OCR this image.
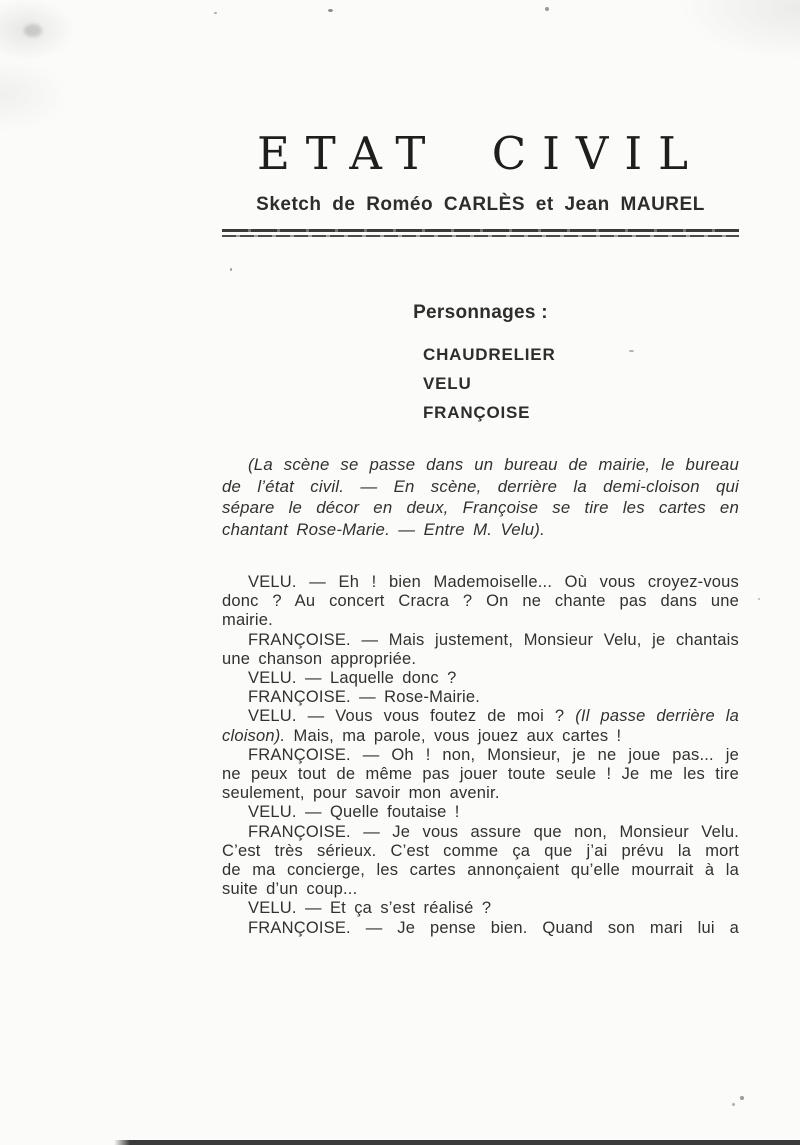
ETAT CIVIL
Sketch de Roméo CARLÈS et Jean MAUREL
Personnages :
CHAUDRELIER
VELU
FRANÇOISE
(La scène se passe dans un bureau de mairie, le bureau
de l’état civil. — En scène, derrière la demi-cloison qui
sépare le décor en deux, Françoise se tire les cartes en
chantant Rose-Marie. — Entre M. Velu).
VELU. — Eh ! bien Mademoiselle... Où vous croyez-vous
donc ? Au concert Cracra ? On ne chante pas dans une
mairie.
FRANÇOISE. — Mais justement, Monsieur Velu, je chantais
une chanson appropriée.
VELU. — Laquelle donc ?
FRANÇOISE. — Rose-Mairie.
VELU. — Vous vous foutez de moi ? (Il passe derrière la
cloison). Mais, ma parole, vous jouez aux cartes !
FRANÇOISE. — Oh ! non, Monsieur, je ne joue pas... je
ne peux tout de même pas jouer toute seule ! Je me les tire
seulement, pour savoir mon avenir.
VELU. — Quelle foutaise !
FRANÇOISE. — Je vous assure que non, Monsieur Velu.
C’est très sérieux. C’est comme ça que j’ai prévu la mort
de ma concierge, les cartes annonçaient qu’elle mourrait à la
suite d’un coup...
VELU. — Et ça s’est réalisé ?
FRANÇOISE. — Je pense bien. Quand son mari lui a
